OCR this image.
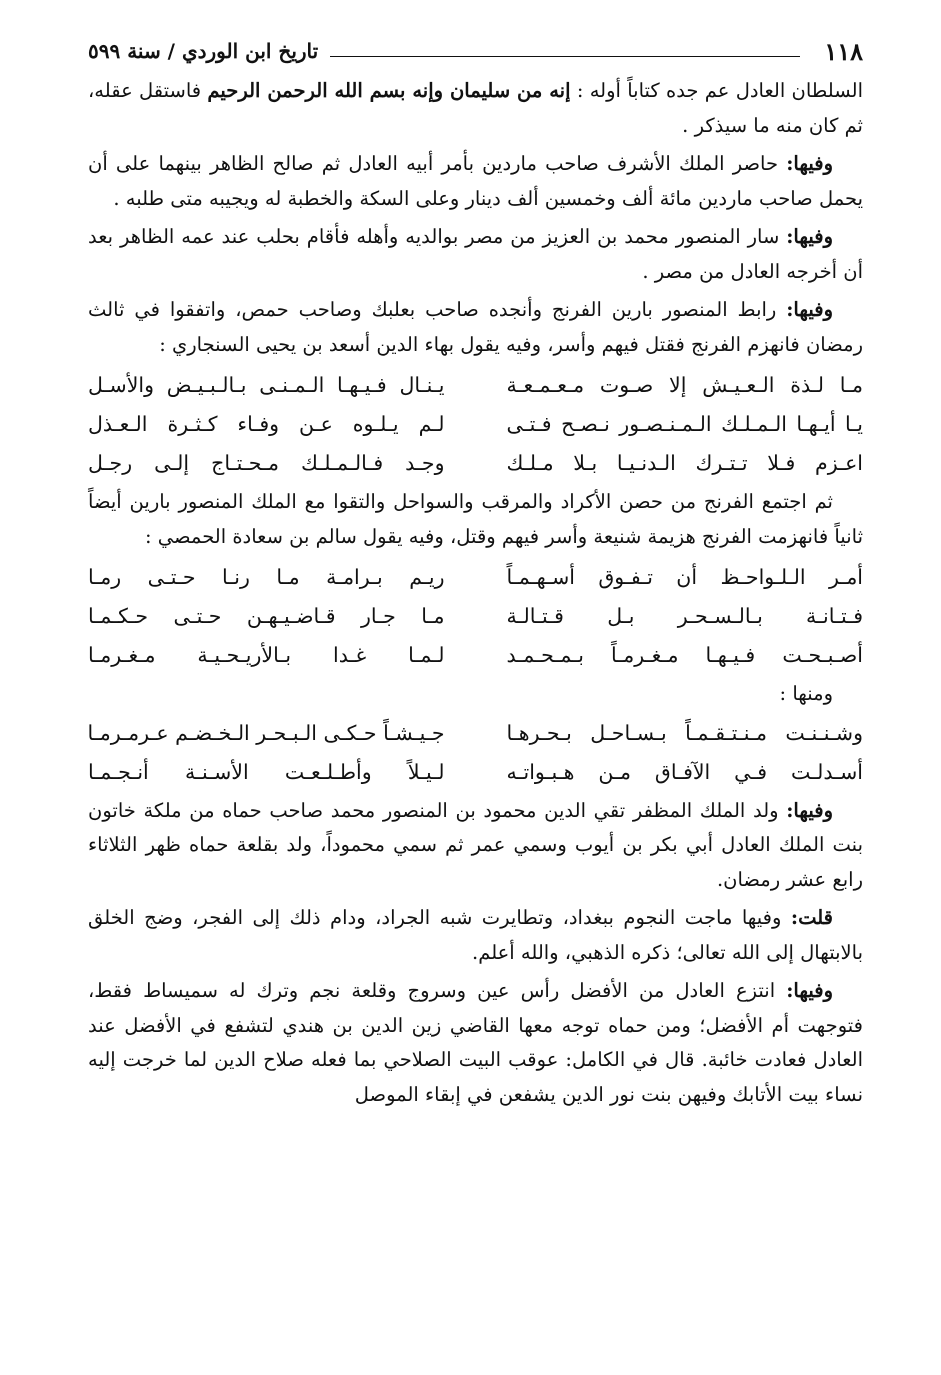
١١٨
تاريخ ابن الوردي / سنة ٥٩٩

السلطان العادل عم جده كتاباً أوله : إنه من سليمان وإنه بسم الله الرحمن الرحيم فاستقل عقله، ثم كان منه ما سيذكر .

وفيها: حاصر الملك الأشرف صاحب ماردين بأمر أبيه العادل ثم صالح الظاهر بينهما على أن يحمل صاحب ماردين مائة ألف وخمسين ألف دينار وعلى السكة والخطبة له ويجيبه متى طلبه .

وفيها: سار المنصور محمد بن العزيز من مصر بوالديه وأهله فأقام بحلب عند عمه الظاهر بعد أن أخرجه العادل من مصر .

وفيها: رابط المنصور بارين الفرنج وأنجده صاحب بعلبك وصاحب حمص، واتفقوا في ثالث رمضان فانهزم الفرنج فقتل فيهم وأسر، وفيه يقول بهاء الدين أسعد بن يحيى السنجاري :

مـا لـذة الـعـيـش إلا صـوت مـعـمـعـة
يـنـال فـيـهـا الـمـنـى بـالـبـيـض والأسـل
يـا أيـهـا الـمـلـك الـمـنـصـور نـصـح فـتـى
لـم يـلـوه عـن وفـاء كـثـرة الـعـذل
اعـزم فـلا تـتـرك الـدنـيـا بـلا مـلـك
وجـد فـالـمـلـك مـحـتـاج إلـى رجـل

ثم اجتمع الفرنج من حصن الأكراد والمرقب والسواحل والتقوا مع الملك المنصور بارين أيضاً ثانياً فانهزمت الفرنج هزيمة شنيعة وأسر فيهم وقتل، وفيه يقول سالم بن سعادة الحمصي :

أمـر الـلـواحـظ أن تـفـوق أسـهـمـاً
ريـم بـرامـة مـا رنـا حـتـى رمـا
فـتـانـة بـالـسـحـر بـل قـتـالـة
مـا جـار قـاضـيـهـن حـتـى حـكـمـا
أصـبـحـت فـيـهـا مـغـرمـاً بـمـحـمـد
لـمـا غـدا بـالأريـحـيـة مـغـرمـا

ومنها :

وشـنـنـت مـنـتـقـمـاً بـسـاحـل بـحـرهـا
جـيـشـاً حـكـى الـبـحـر الـخـضـم عـرمـرمـا
أسـدلـت فـي الآفـاق مـن هـبـواتـه
لـيـلاً وأطـلـعـت الأسـنـة أنـجـمـا

وفيها: ولد الملك المظفر تقي الدين محمود بن المنصور محمد صاحب حماه من ملكة خاتون بنت الملك العادل أبي بكر بن أيوب وسمي عمر ثم سمي محموداً، ولد بقلعة حماه ظهر الثلاثاء رابع عشر رمضان.

قلت: وفيها ماجت النجوم ببغداد، وتطايرت شبه الجراد، ودام ذلك إلى الفجر، وضج الخلق بالابتهال إلى الله تعالى؛ ذكره الذهبي، والله أعلم.

وفيها: انتزع العادل من الأفضل رأس عين وسروج وقلعة نجم وترك له سميساط فقط، فتوجهت أم الأفضل؛ ومن حماه توجه معها القاضي زين الدين بن هندي لتشفع في الأفضل عند العادل فعادت خائبة. قال في الكامل: عوقب البيت الصلاحي بما فعله صلاح الدين لما خرجت إليه نساء بيت الأتابك وفيهن بنت نور الدين يشفعن في إبقاء الموصل
